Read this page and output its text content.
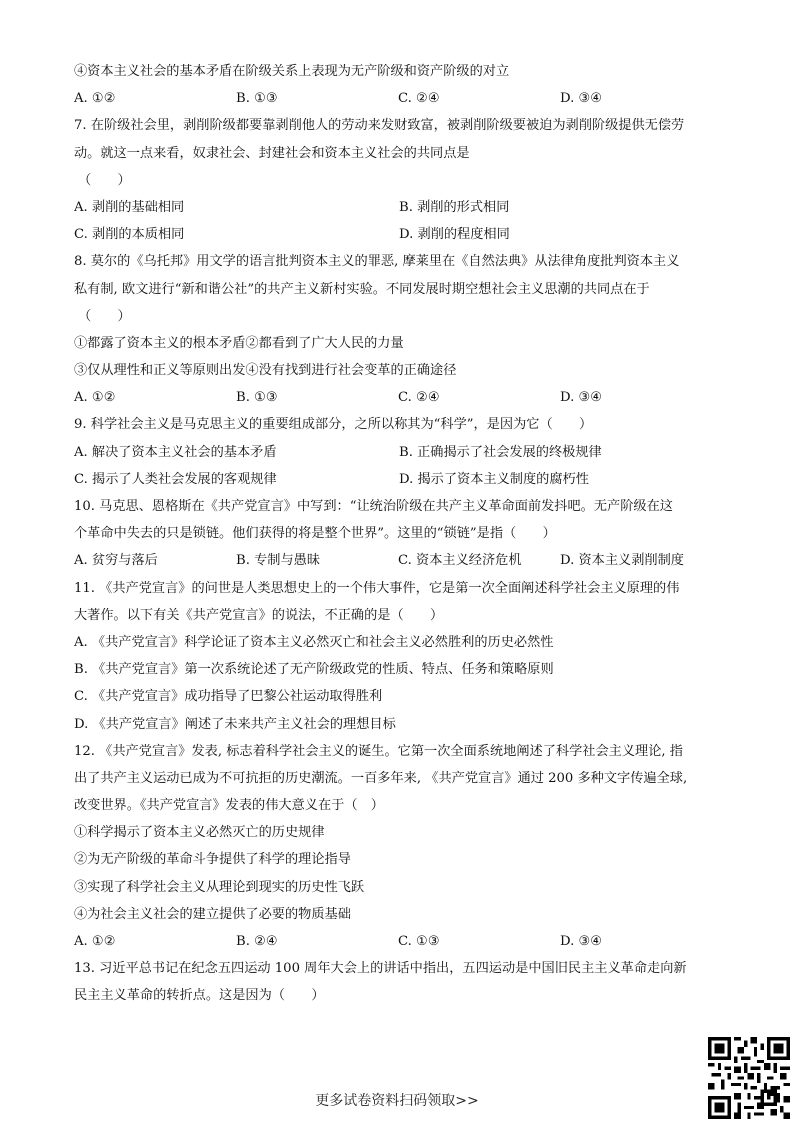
④资本主义社会的基本矛盾在阶级关系上表现为无产阶级和资产阶级的对立
A. ①②	B. ①③	C. ②④	D. ③④
7. 在阶级社会里，剥削阶级都要靠剥削他人的劳动来发财致富，被剥削阶级要被迫为剥削阶级提供无偿劳
动。就这一点来看，奴隶社会、封建社会和资本主义社会的共同点是
（　　）
A. 剥削的基础相同	B. 剥削的形式相同
C. 剥削的本质相同	D. 剥削的程度相同
8. 莫尔的《乌托邦》用文学的语言批判资本主义的罪恶, 摩莱里在《自然法典》从法律角度批判资本主义
私有制, 欧文进行“新和谐公社”的共产主义新村实验。不同发展时期空想社会主义思潮的共同点在于
（　　）
①都露了资本主义的根本矛盾②都看到了广大人民的力量
③仅从理性和正义等原则出发④没有找到进行社会变革的正确途径
A. ①②	B. ①③	C. ②④	D. ③④
9. 科学社会主义是马克思主义的重要组成部分，之所以称其为“科学”，是因为它（　　）
A. 解决了资本主义社会的基本矛盾	B. 正确揭示了社会发展的终极规律
C. 揭示了人类社会发展的客观规律	D. 揭示了资本主义制度的腐朽性
10. 马克思、恩格斯在《共产党宣言》中写到：“让统治阶级在共产主义革命面前发抖吧。无产阶级在这
个革命中失去的只是锁链。他们获得的将是整个世界”。这里的“锁链”是指（　　）
A. 贫穷与落后	B. 专制与愚昧	C. 资本主义经济危机	D. 资本主义剥削制度
11. 《共产党宣言》的问世是人类思想史上的一个伟大事件，它是第一次全面阐述科学社会主义原理的伟
大著作。以下有关《共产党宣言》的说法，不正确的是（　　）
A. 《共产党宣言》科学论证了资本主义必然灭亡和社会主义必然胜利的历史必然性
B. 《共产党宣言》第一次系统论述了无产阶级政党的性质、特点、任务和策略原则
C. 《共产党宣言》成功指导了巴黎公社运动取得胜利
D. 《共产党宣言》阐述了未来共产主义社会的理想目标
12. 《共产党宣言》发表, 标志着科学社会主义的诞生。它第一次全面系统地阐述了科学社会主义理论, 指
出了共产主义运动已成为不可抗拒的历史潮流。一百多年来, 《共产党宣言》通过 200 多种文字传遍全球,
改变世界。《共产党宣言》发表的伟大意义在于（　）
①科学揭示了资本主义必然灭亡的历史规律
②为无产阶级的革命斗争提供了科学的理论指导
③实现了科学社会主义从理论到现实的历史性飞跃
④为社会主义社会的建立提供了必要的物质基础
A. ①②	B. ②④	C. ①③	D. ③④
13. 习近平总书记在纪念五四运动 100 周年大会上的讲话中指出，五四运动是中国旧民主主义革命走向新
民主主义革命的转折点。这是因为（　　）
更多试卷资料扫码领取>>
